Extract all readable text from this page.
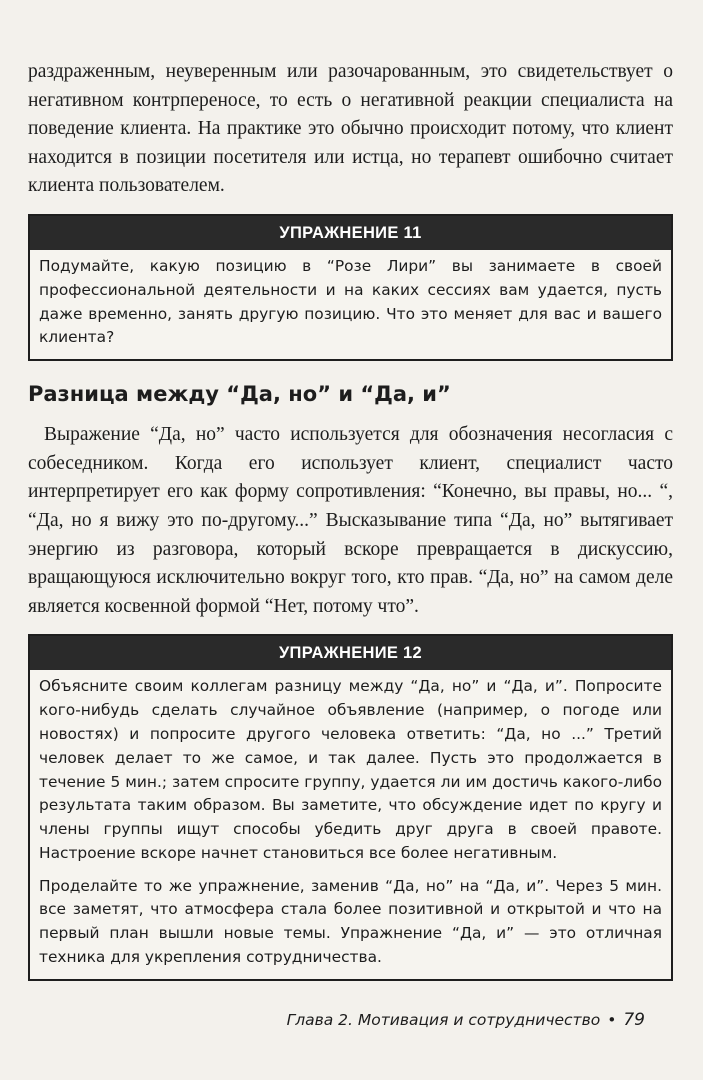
раздраженным, неуверенным или разочарованным, это свидетельствует о негативном контрпереносе, то есть о негативной реакции специалиста на поведение клиента. На практике это обычно происходит потому, что клиент находится в позиции посетителя или истца, но терапевт ошибочно считает клиента пользователем.

УПРАЖНЕНИЕ 11

Подумайте, какую позицию в “Розе Лири” вы занимаете в своей профессиональной деятельности и на каких сессиях вам удается, пусть даже временно, занять другую позицию. Что это меняет для вас и вашего клиента?

Разница между “Да, но” и “Да, и”

Выражение “Да, но” часто используется для обозначения несогласия с собеседником. Когда его использует клиент, специалист часто интерпретирует его как форму сопротивления: “Конечно, вы правы, но... “, “Да, но я вижу это по-другому...” Высказывание типа “Да, но” вытягивает энергию из разговора, который вскоре превращается в дискуссию, вращающуюся исключительно вокруг того, кто прав. “Да, но” на самом деле является косвенной формой “Нет, потому что”.

УПРАЖНЕНИЕ 12

Объясните своим коллегам разницу между “Да, но” и “Да, и”. Попросите кого-нибудь сделать случайное объявление (например, о погоде или новостях) и попросите другого человека ответить: “Да, но ...” Третий человек делает то же самое, и так далее. Пусть это продолжается в течение 5 мин.; затем спросите группу, удается ли им достичь какого-либо результата таким образом. Вы заметите, что обсуждение идет по кругу и члены группы ищут способы убедить друг друга в своей правоте. Настроение вскоре начнет становиться все более негативным.

Проделайте то же упражнение, заменив “Да, но” на “Да, и”. Через 5 мин. все заметят, что атмосфера стала более позитивной и открытой и что на первый план вышли новые темы. Упражнение “Да, и” — это отличная техника для укрепления сотрудничества.

Глава 2. Мотивация и сотрудничество • 79
